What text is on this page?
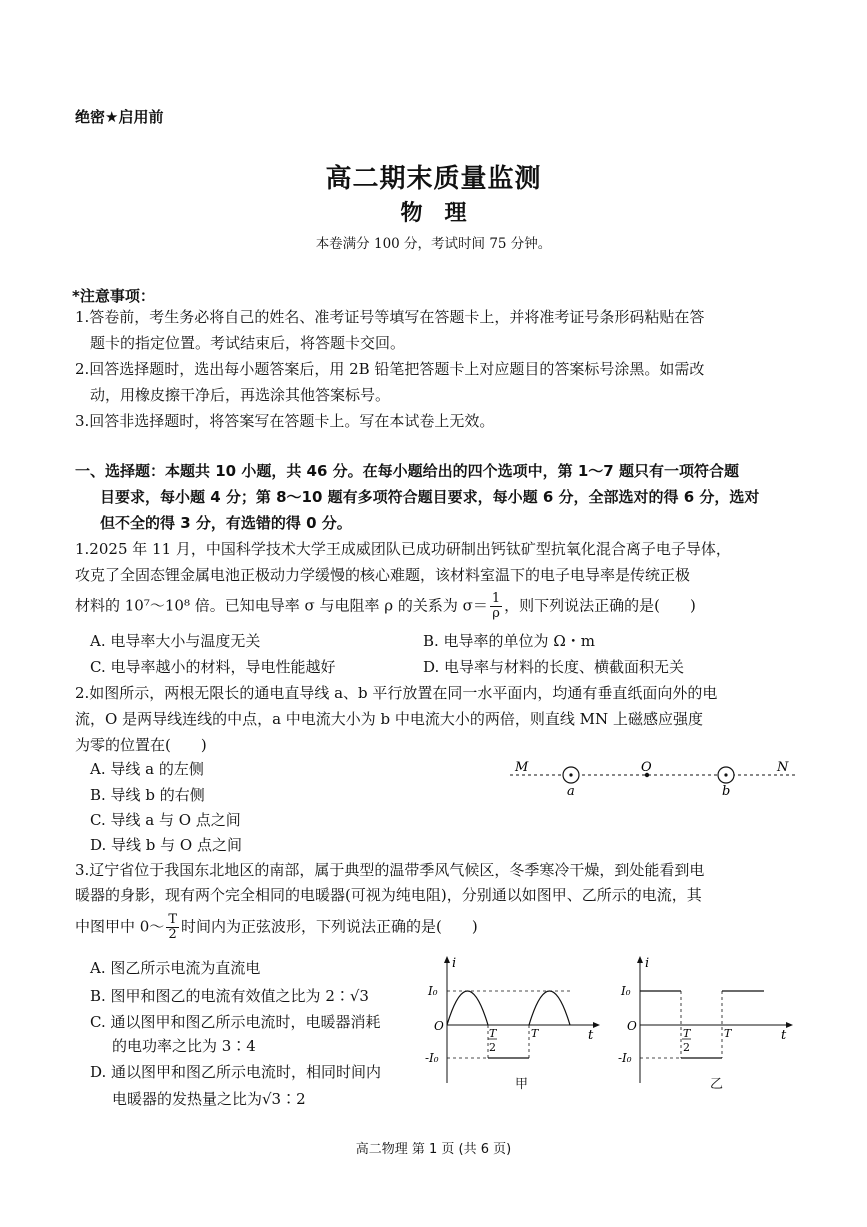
绝密★启用前
高二期末质量监测
物　理
本卷满分 100 分，考试时间 75 分钟。
*注意事项：
1.答卷前，考生务必将自己的姓名、准考证号等填写在答题卡上，并将准考证号条形码粘贴在答
题卡的指定位置。考试结束后，将答题卡交回。
2.回答选择题时，选出每小题答案后，用 2B 铅笔把答题卡上对应题目的答案标号涂黑。如需改
动，用橡皮擦干净后，再选涂其他答案标号。
3.回答非选择题时，将答案写在答题卡上。写在本试卷上无效。
一、选择题：本题共 10 小题，共 46 分。在每小题给出的四个选项中，第 1～7 题只有一项符合题
目要求，每小题 4 分；第 8～10 题有多项符合题目要求，每小题 6 分，全部选对的得 6 分，选对
但不全的得 3 分，有选错的得 0 分。
1.2025 年 11 月，中国科学技术大学王成威团队已成功研制出钙钛矿型抗氧化混合离子电子导体，
攻克了全固态锂金属电池正极动力学缓慢的核心难题，该材料室温下的电子电导率是传统正极
材料的 10⁷～10⁸ 倍。已知电导率 σ 与电阻率 ρ 的关系为 $\sigma= \frac{1}{\rho}$ ，则下列说法正确的是(　　)
A. 电导率大小与温度无关	B. 电导率的单位为 Ω・m
C. 电导率越小的材料，导电性能越好	D. 电导率与材料的长度、横截面积无关
2.如图所示，两根无限长的通电直导线 a、b 平行放置在同一水平面内，均通有垂直纸面向外的电
流，O 是两导线连线的中点，a 中电流大小为 b 中电流大小的两倍，则直线 MN 上磁感应强度
为零的位置在(　　)
A. 导线 a 的左侧
B. 导线 b 的右侧
C. 导线 a 与 O 点之间
D. 导线 b 与 O 点之间
M	N
O
a	b
3.辽宁省位于我国东北地区的南部，属于典型的温带季风气候区，冬季寒冷干燥，到处能看到电
暖器的身影，现有两个完全相同的电暖器(可视为纯电阻)，分别通以如图甲、乙所示的电流，其
中图甲中 0～ $\frac{T}{2}$ 时间内为正弦波形，下列说法正确的是(　　)
A. 图乙所示电流为直流电
B. 图甲和图乙的电流有效值之比为 2∶√3
C. 通以图甲和图乙所示电流时，电暖器消耗
的电功率之比为 3∶4
D. 通以图甲和图乙所示电流时，相同时间内
电暖器的发热量之比为√3∶2
i
t
I₀
-I₀
O
T
2
T
甲
i
t
I₀
-I₀
O
T
2
T
乙
高二物理 第 1 页 (共 6 页)
